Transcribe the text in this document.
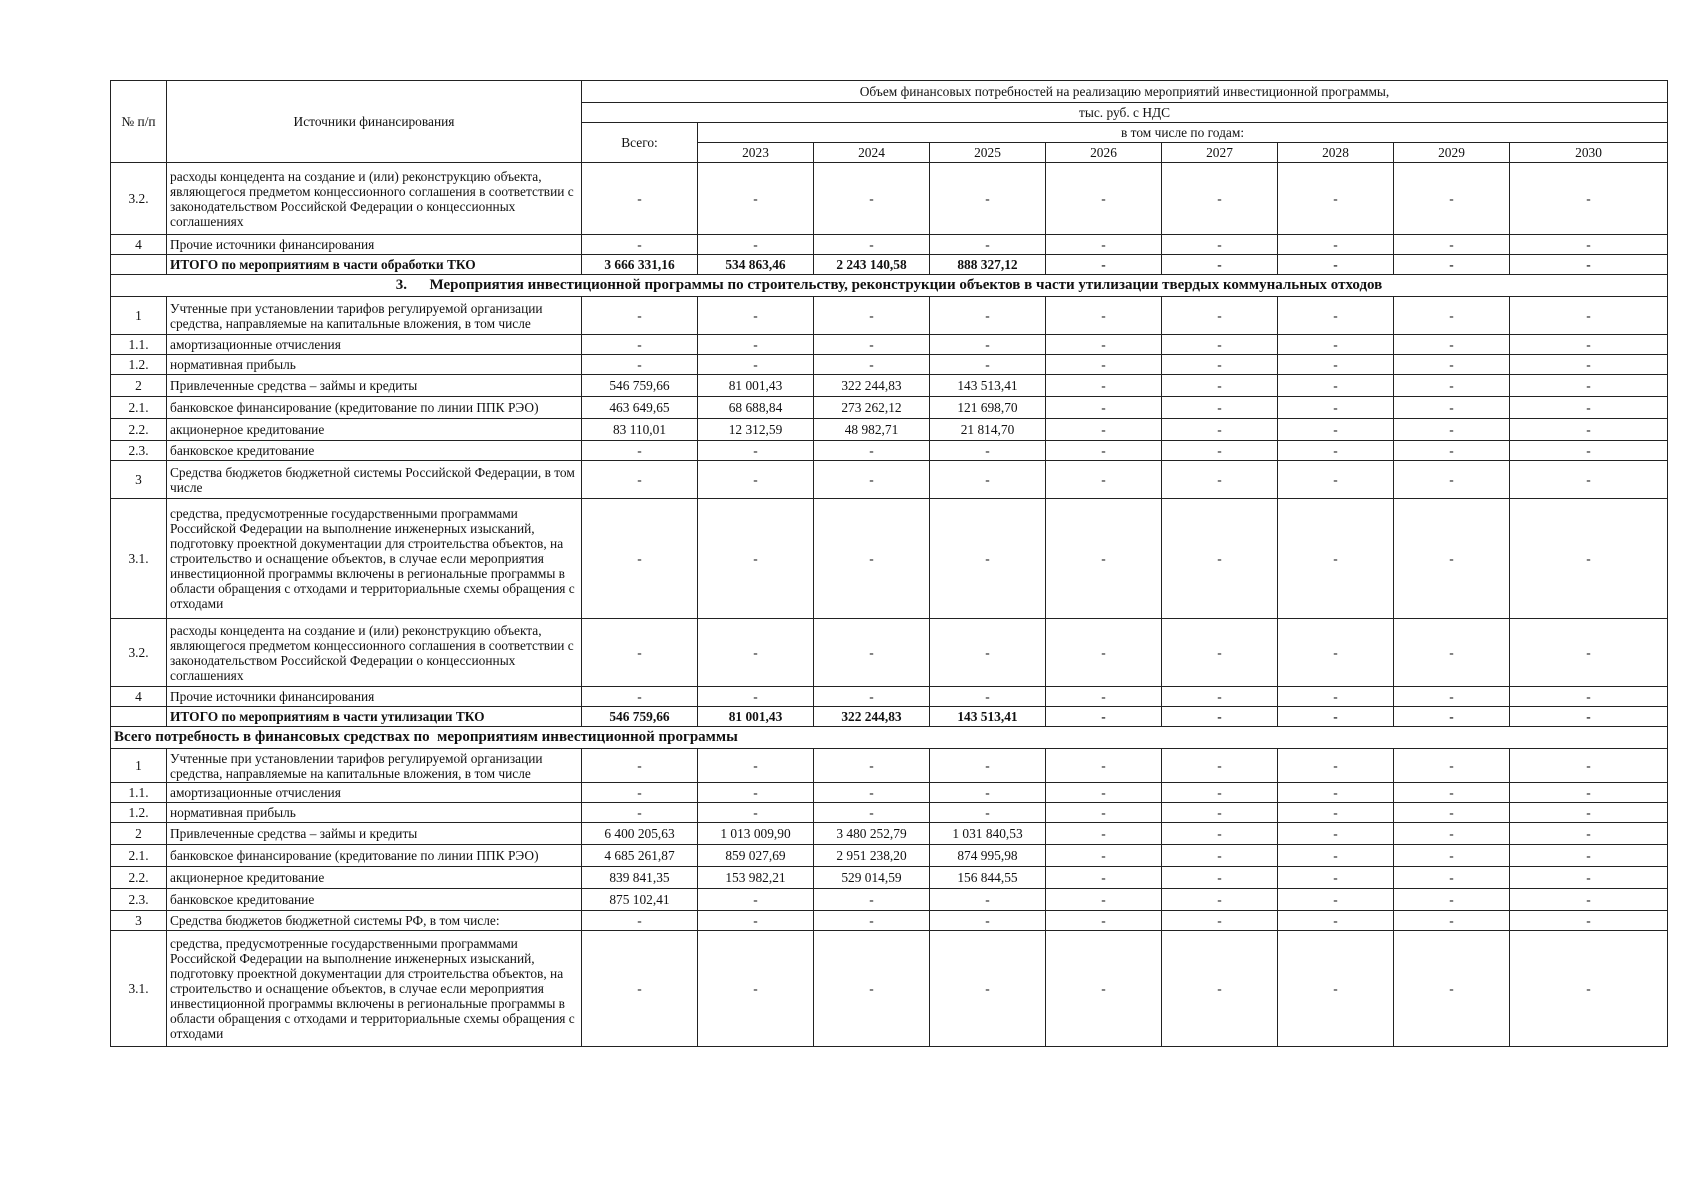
№ п/п	Источники финансирования	Объем финансовых потребностей на реализацию мероприятий инвестиционной программы,								
		тыс. руб. с НДС								
		Всего:	в том числе по годам:							
			2023	2024	2025	2026	2027	2028	2029	2030
3.2.	расходы концедента на создание и (или) реконструкцию объекта, являющегося предметом концессионного соглашения в соответствии с законодательством Российской Федерации о концессионных соглашениях	-	-	-	-	-	-	-	-	-
4	Прочие источники финансирования	-	-	-	-	-	-	-	-	-
	ИТОГО по мероприятиям в части обработки ТКО	3 666 331,16	534 863,46	2 243 140,58	888 327,12	-	-	-	-	-
3.      Мероприятия инвестиционной программы по строительству, реконструкции объектов в части утилизации твердых коммунальных отходов										
1	Учтенные при установлении тарифов регулируемой организации средства, направляемые на капитальные вложения, в том числе	-	-	-	-	-	-	-	-	-
1.1.	амортизационные отчисления	-	-	-	-	-	-	-	-	-
1.2.	нормативная прибыль	-	-	-	-	-	-	-	-	-
2	Привлеченные средства – займы и кредиты	546 759,66	81 001,43	322 244,83	143 513,41	-	-	-	-	-
2.1.	банковское финансирование (кредитование по линии ППК РЭО)	463 649,65	68 688,84	273 262,12	121 698,70	-	-	-	-	-
2.2.	акционерное кредитование	83 110,01	12 312,59	48 982,71	21 814,70	-	-	-	-	-
2.3.	банковское кредитование	-	-	-	-	-	-	-	-	-
3	Средства бюджетов бюджетной системы Российской Федерации, в том числе	-	-	-	-	-	-	-	-	-
3.1.	средства, предусмотренные государственными программами Российской Федерации на выполнение инженерных изысканий, подготовку проектной документации для строительства объектов, на строительство и оснащение объектов, в случае если мероприятия инвестиционной программы включены в региональные программы в области обращения с отходами и территориальные схемы обращения с отходами	-	-	-	-	-	-	-	-	-
3.2.	расходы концедента на создание и (или) реконструкцию объекта, являющегося предметом концессионного соглашения в соответствии с законодательством Российской Федерации о концессионных соглашениях	-	-	-	-	-	-	-	-	-
4	Прочие источники финансирования	-	-	-	-	-	-	-	-	-
	ИТОГО по мероприятиям в части утилизации ТКО	546 759,66	81 001,43	322 244,83	143 513,41	-	-	-	-	-
Всего потребность в финансовых средствах по  мероприятиям инвестиционной программы										
1	Учтенные при установлении тарифов регулируемой организации средства, направляемые на капитальные вложения, в том числе	-	-	-	-	-	-	-	-	-
1.1.	амортизационные отчисления	-	-	-	-	-	-	-	-	-
1.2.	нормативная прибыль	-	-	-	-	-	-	-	-	-
2	Привлеченные средства – займы и кредиты	6 400 205,63	1 013 009,90	3 480 252,79	1 031 840,53	-	-	-	-	-
2.1.	банковское финансирование (кредитование по линии ППК РЭО)	4 685 261,87	859 027,69	2 951 238,20	874 995,98	-	-	-	-	-
2.2.	акционерное кредитование	839 841,35	153 982,21	529 014,59	156 844,55	-	-	-	-	-
2.3.	банковское кредитование	875 102,41	-	-	-	-	-	-	-	-
3	Средства бюджетов бюджетной системы РФ, в том числе:	-	-	-	-	-	-	-	-	-
3.1.	средства, предусмотренные государственными программами Российской Федерации на выполнение инженерных изысканий, подготовку проектной документации для строительства объектов, на строительство и оснащение объектов, в случае если мероприятия инвестиционной программы включены в региональные программы в области обращения с отходами и территориальные схемы обращения с отходами	-	-	-	-	-	-	-	-	-
